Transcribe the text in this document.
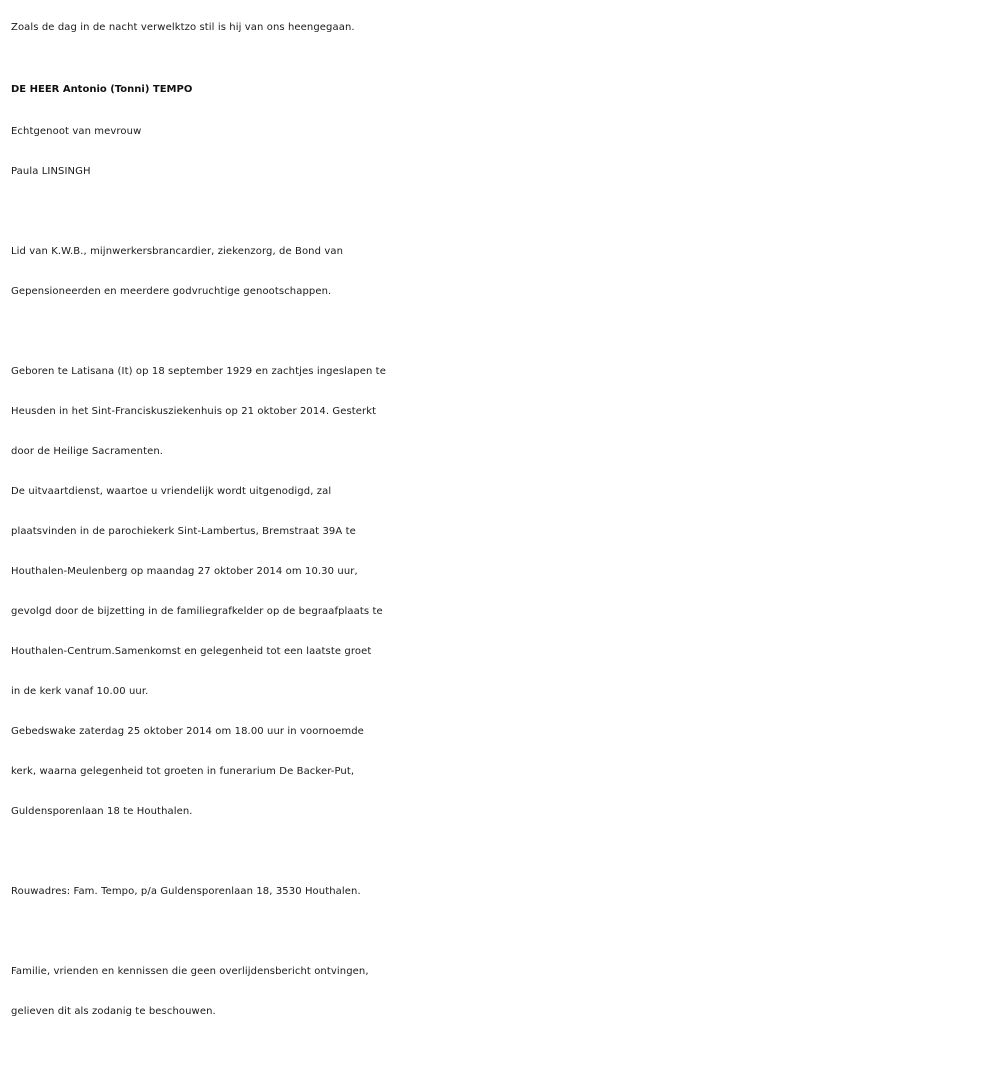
Zoals de dag in de nacht verwelktzo stil is hij van ons heengegaan.
DE HEER Antonio (Tonni) TEMPO
Echtgenoot van mevrouw
Paula LINSINGH
Lid van K.W.B., mijnwerkersbrancardier, ziekenzorg, de Bond van
Gepensioneerden en meerdere godvruchtige genootschappen.
Geboren te Latisana (It) op 18 september 1929 en zachtjes ingeslapen te
Heusden in het Sint-Franciskusziekenhuis op 21 oktober 2014. Gesterkt
door de Heilige Sacramenten.
De uitvaartdienst, waartoe u vriendelijk wordt uitgenodigd, zal
plaatsvinden in de parochiekerk Sint-Lambertus, Bremstraat 39A te
Houthalen-Meulenberg op maandag 27 oktober 2014 om 10.30 uur,
gevolgd door de bijzetting in de familiegrafkelder op de begraafplaats te
Houthalen-Centrum.Samenkomst en gelegenheid tot een laatste groet
in de kerk vanaf 10.00 uur.
Gebedswake zaterdag 25 oktober 2014 om 18.00 uur in voornoemde
kerk, waarna gelegenheid tot groeten in funerarium De Backer-Put,
Guldensporenlaan 18 te Houthalen.
Rouwadres: Fam. Tempo, p/a Guldensporenlaan 18, 3530 Houthalen.
Familie, vrienden en kennissen die geen overlijdensbericht ontvingen,
gelieven dit als zodanig te beschouwen.
